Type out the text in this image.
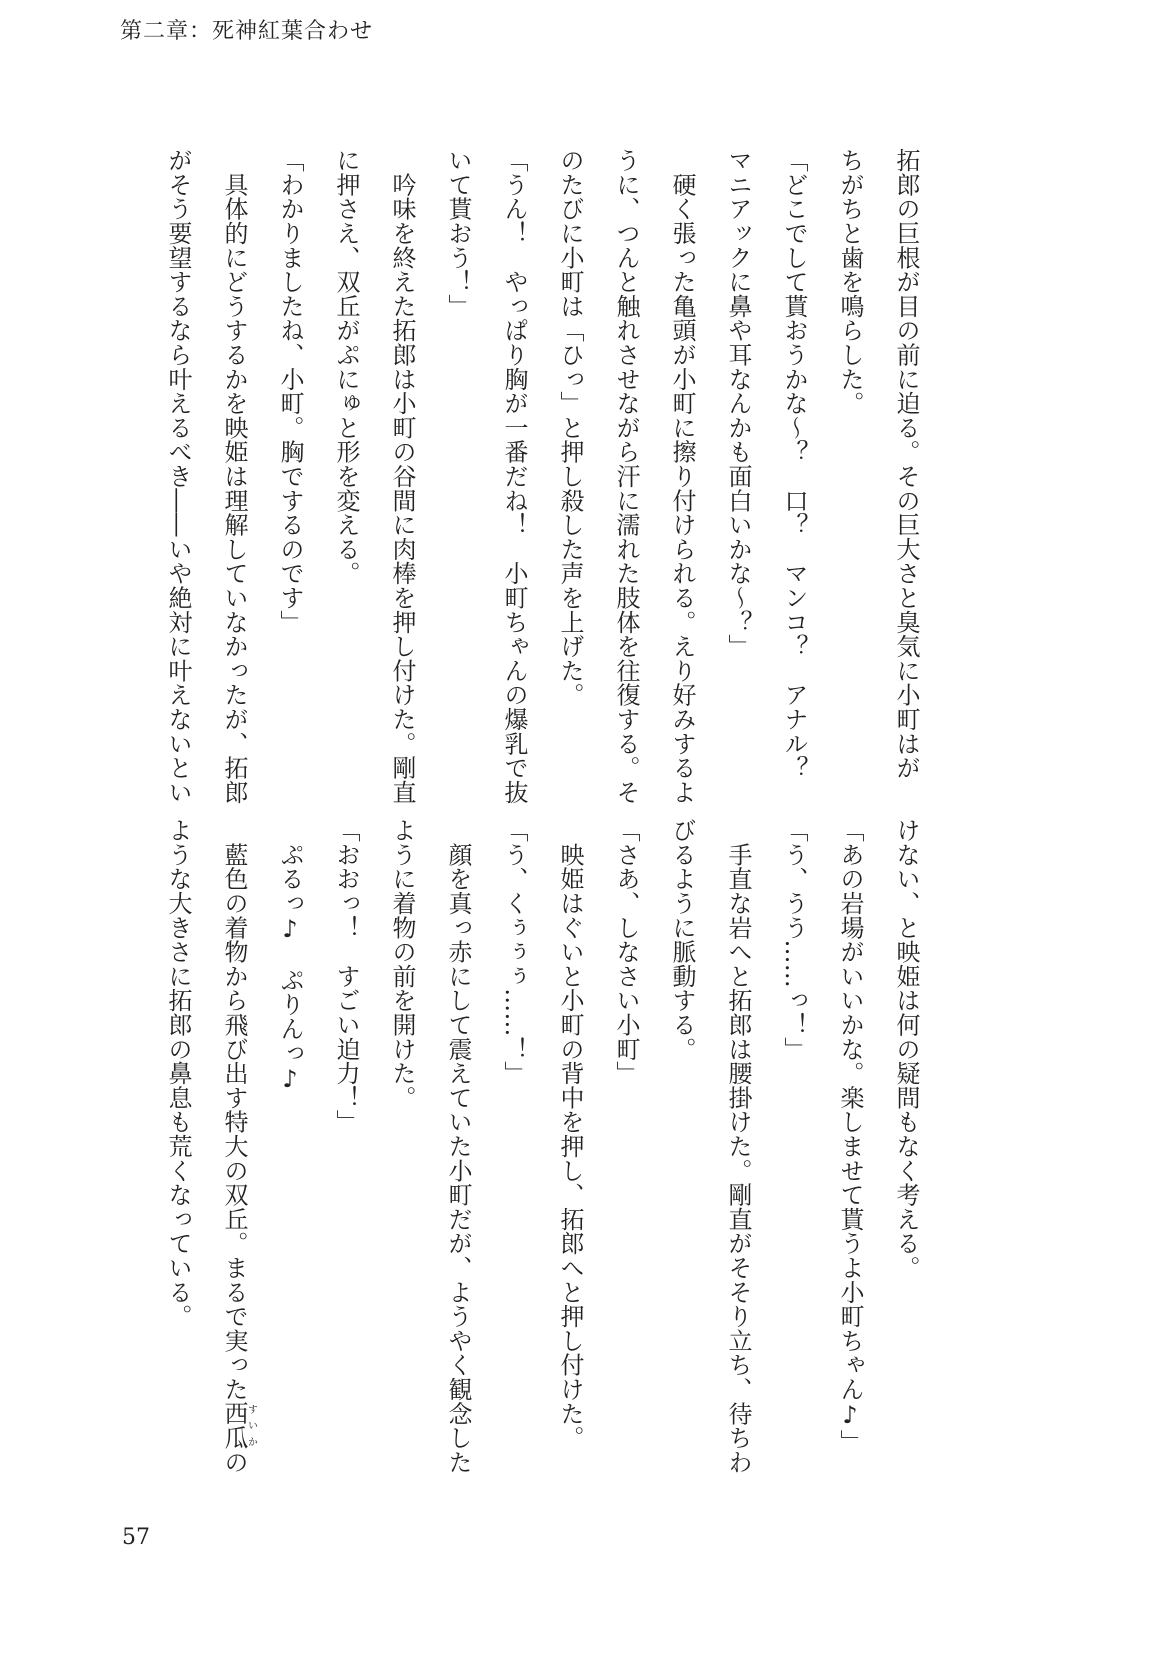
第二章：死神紅葉合わせ
拓郎の巨根が目の前に迫る。その巨大さと臭気に小町はが
ちがちと歯を鳴らした。
「どこでして貰おうかな～？　口？　マンコ？　アナル？
マニアックに鼻や耳なんかも面白いかな～？」
　硬く張った亀頭が小町に擦り付けられる。えり好みするよ
うに、つんと触れさせながら汗に濡れた肢体を往復する。そ
のたびに小町は「ひっ」と押し殺した声を上げた。
「うん！　やっぱり胸が一番だね！　小町ちゃんの爆乳で抜
いて貰おう！」
　吟味を終えた拓郎は小町の谷間に肉棒を押し付けた。剛直
に押さえ、双丘がぷにゅと形を変える。
「わかりましたね、小町。胸でするのです」
　具体的にどうするかを映姫は理解していなかったが、拓郎
がそう要望するなら叶えるべき――いや絶対に叶えないとい
けない、と映姫は何の疑問もなく考える。
「あの岩場がいいかな。楽しませて貰うよ小町ちゃん♪」
「う、うう……っ！」
　手直な岩へと拓郎は腰掛けた。剛直がそそり立ち、待ちわ
びるように脈動する。
「さあ、しなさい小町」
　映姫はぐいと小町の背中を押し、拓郎へと押し付けた。
「う、くぅぅぅ……！」
　顔を真っ赤にして震えていた小町だが、ようやく観念した
ように着物の前を開けた。
「おおっ！　すごい迫力！」
　ぷるっ♪　ぷりんっ♪
　藍色の着物から飛び出す特大の双丘。まるで実った西瓜すいかの
ような大きさに拓郎の鼻息も荒くなっている。
57
